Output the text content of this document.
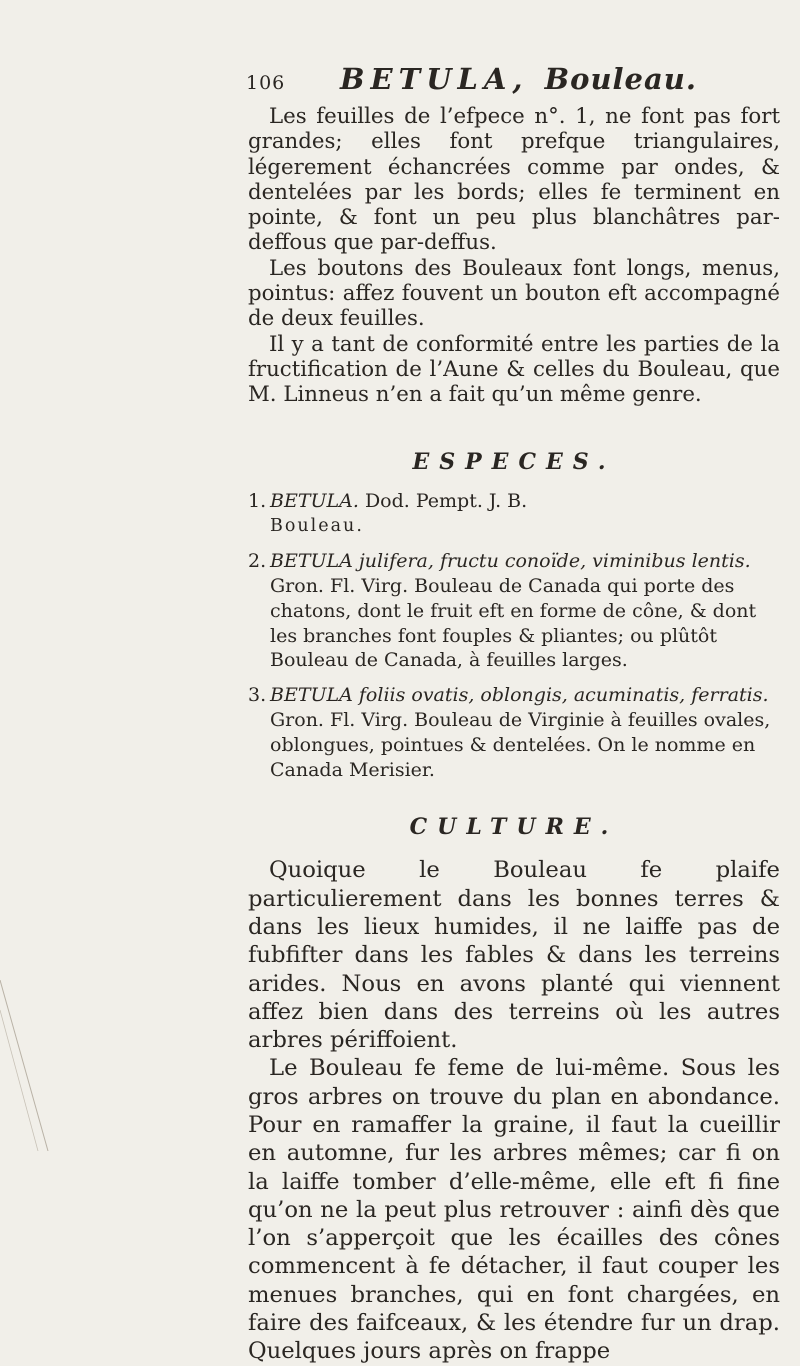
106 BETULA, Bouleau.

Les feuilles de l’efpece n°. 1, ne font pas fort grandes; elles font prefque triangulaires, légerement échancrées comme par ondes, & dentelées par les bords; elles fe terminent en pointe, & font un peu plus blanchâtres par-deffous que par-deffus.

Les boutons des Bouleaux font longs, menus, pointus: affez fouvent un bouton eft accompagné de deux feuilles.

Il y a tant de conformité entre les parties de la fructification de l’Aune & celles du Bouleau, que M. Linneus n’en a fait qu’un même genre.

ESPECES.
1. BETULA. Dod. Pempt. J. B.
Bouleau.
2. BETULA julifera, fructu conoïde, viminibus lentis. Gron. Fl. Virg. Bouleau de Canada qui porte des chatons, dont le fruit eft en forme de cône, & dont les branches font fouples & pliantes; ou plûtôt Bouleau de Canada, à feuilles larges.
3. BETULA foliis ovatis, oblongis, acuminatis, ferratis. Gron. Fl. Virg. Bouleau de Virginie à feuilles ovales, oblongues, pointues & dentelées. On le nomme en Canada Merisier.
CULTURE.

Quoique le Bouleau fe plaife particulierement dans les bonnes terres & dans les lieux humides, il ne laiffe pas de fubfifter dans les fables & dans les terreins arides. Nous en avons planté qui viennent affez bien dans des terreins où les autres arbres périffoient.

Le Bouleau fe feme de lui-même. Sous les gros arbres on trouve du plan en abondance. Pour en ramaffer la graine, il faut la cueillir en automne, fur les arbres mêmes; car fi on la laiffe tomber d’elle-même, elle eft fi fine qu’on ne la peut plus retrouver : ainfi dès que l’on s’apperçoit que les écailles des cônes commencent à fe détacher, il faut couper les menues branches, qui en font chargées, en faire des faifceaux, & les étendre fur un drap. Quelques jours après on frappe
